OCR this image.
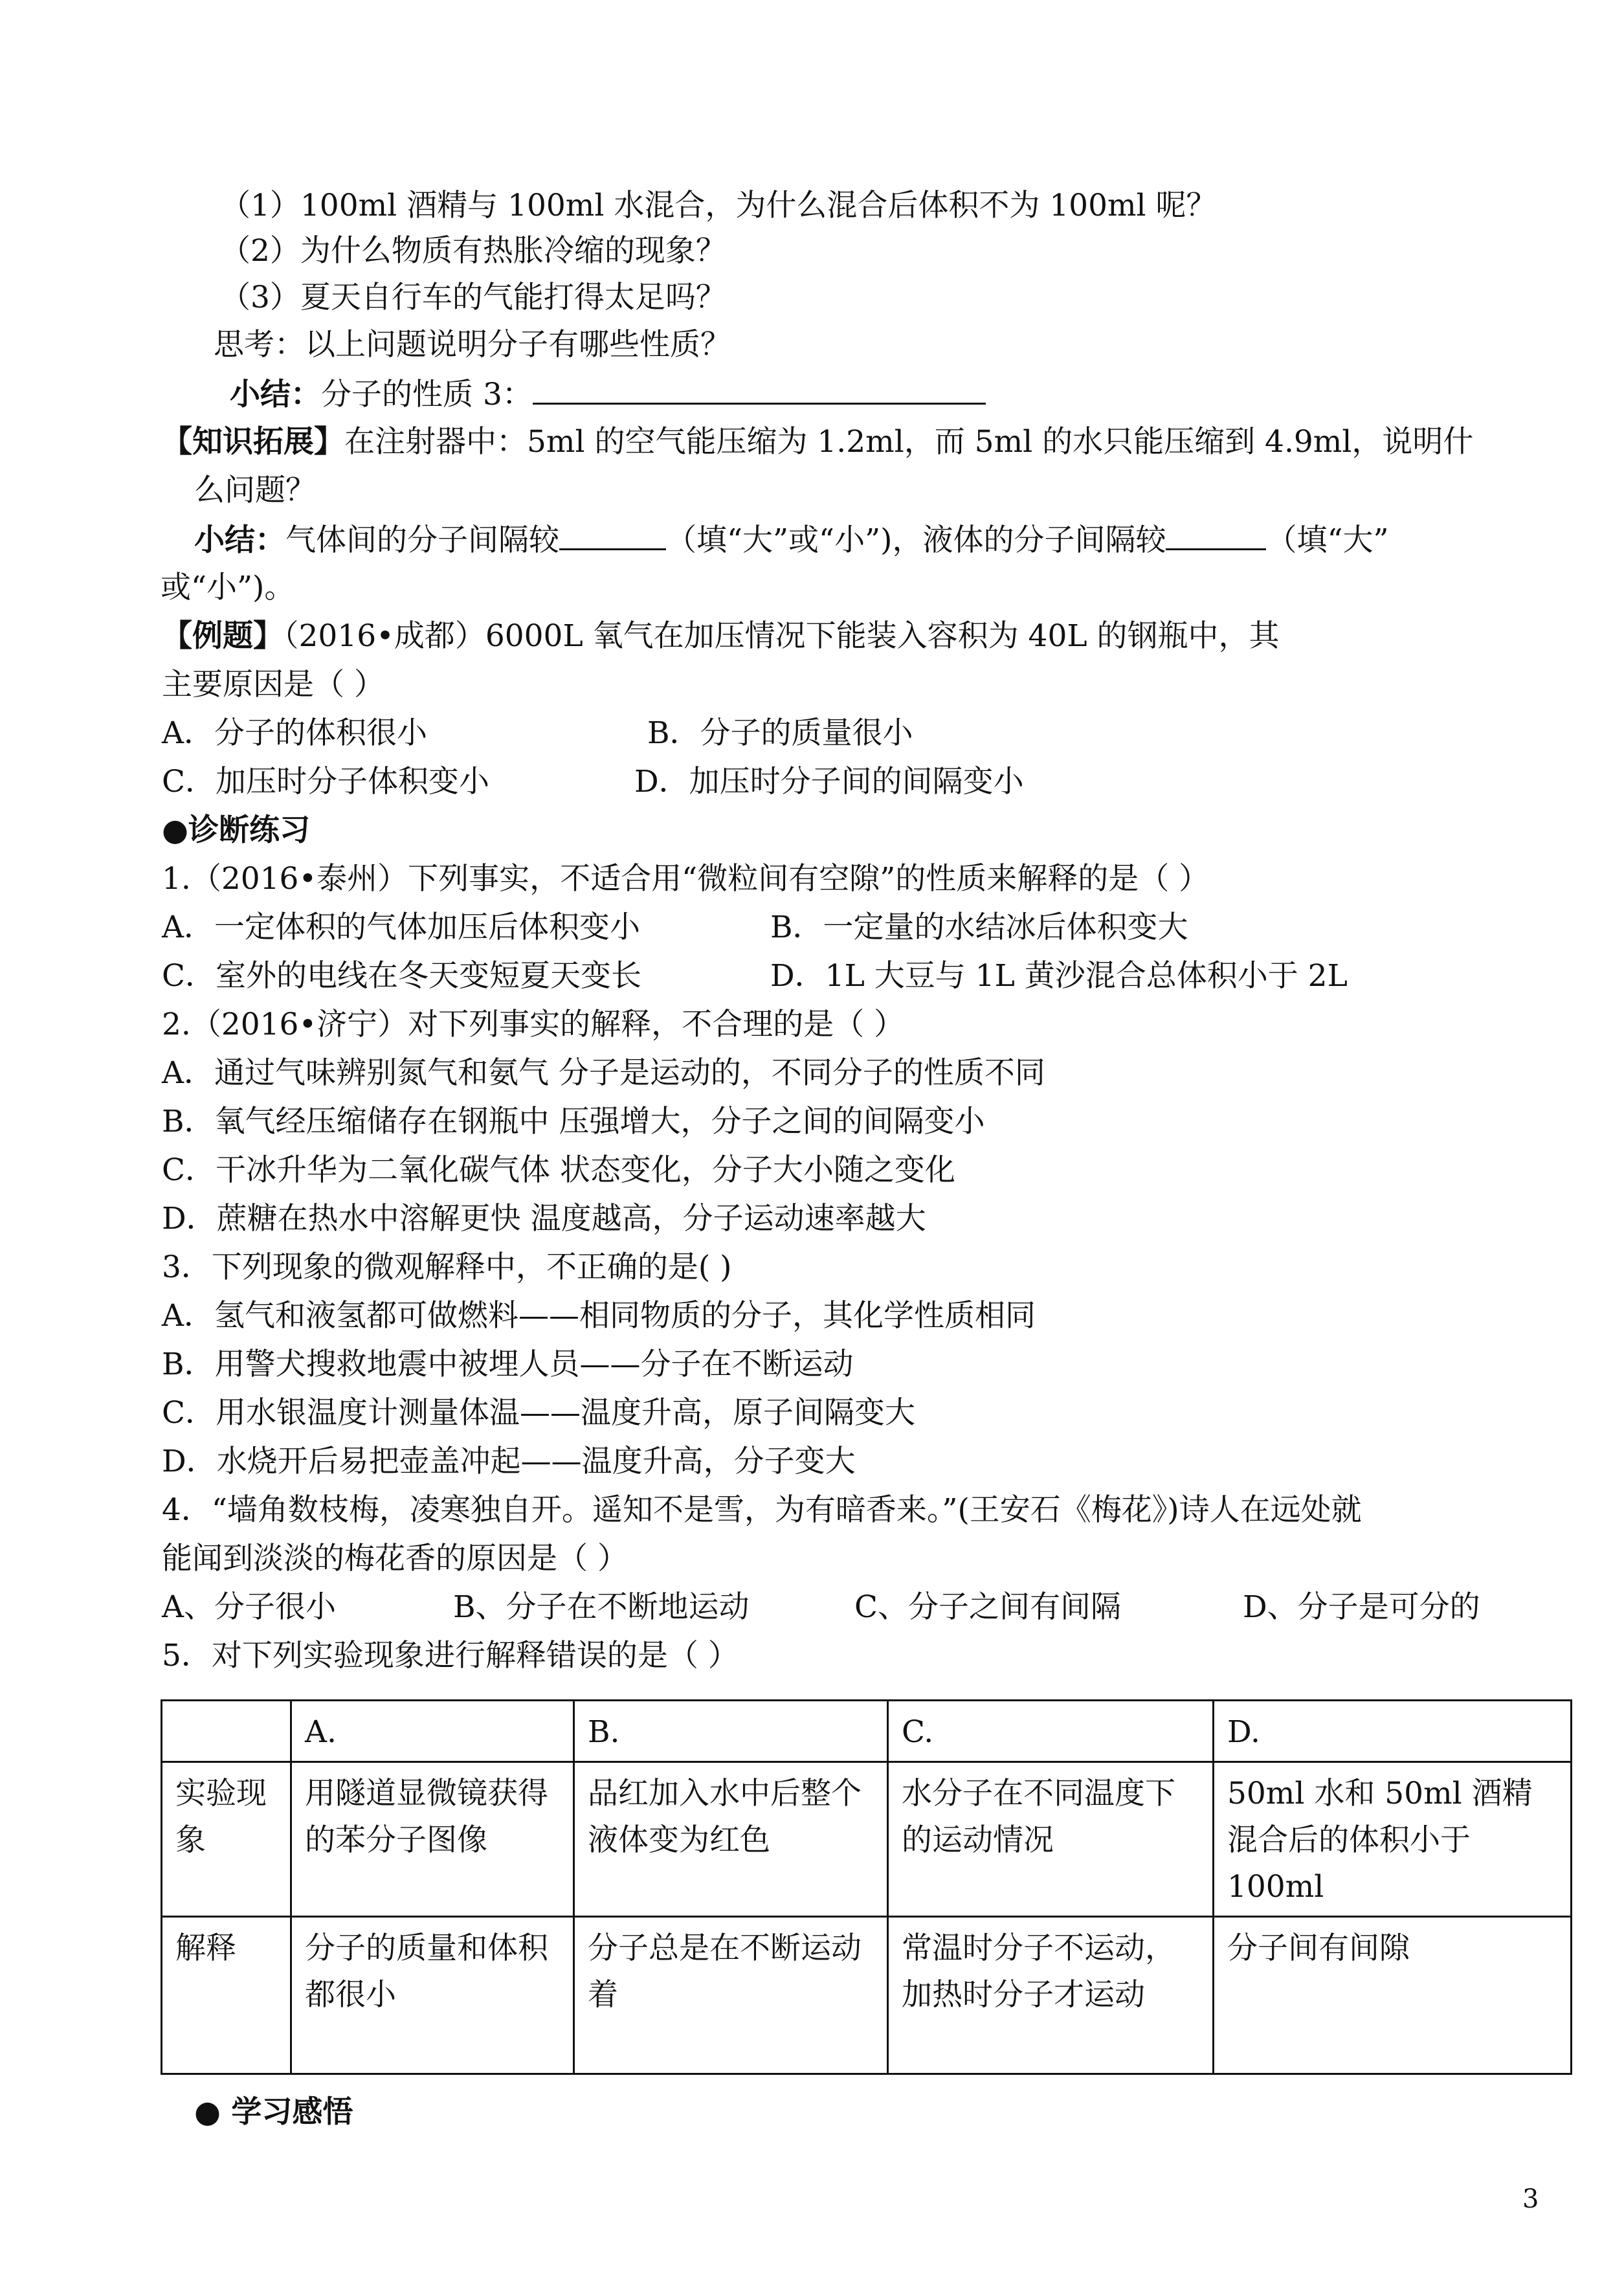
（1）100ml 酒精与 100ml 水混合，为什么混合后体积不为 100ml 呢？
（2）为什么物质有热胀冷缩的现象？
（3）夏天自行车的气能打得太足吗？
思考：以上问题说明分子有哪些性质？
小结：分子的性质 3：
【知识拓展】在注射器中：5ml 的空气能压缩为 1.2ml，而 5ml 的水只能压缩到 4.9ml，说明什
么问题？
小结：气体间的分子间隔较	（填“大”或“小”)，液体的分子间隔较	（填“大”
或“小”)。
【例题】（2016•成都）6000L 氧气在加压情况下能装入容积为 40L 的钢瓶中，其
主要原因是（ ）
A．分子的体积很小	B．分子的质量很小
C．加压时分子体积变小	D．加压时分子间的间隔变小
●诊断练习
1.（2016•泰州）下列事实，不适合用“微粒间有空隙”的性质来解释的是（ ）
A．一定体积的气体加压后体积变小	B．一定量的水结冰后体积变大
C．室外的电线在冬天变短夏天变长	D．1L 大豆与 1L 黄沙混合总体积小于 2L
2.（2016•济宁）对下列事实的解释，不合理的是（ ）
A．通过气味辨别氮气和氨气 分子是运动的，不同分子的性质不同
B．氧气经压缩储存在钢瓶中 压强增大，分子之间的间隔变小
C．干冰升华为二氧化碳气体 状态变化，分子大小随之变化
D．蔗糖在热水中溶解更快 温度越高，分子运动速率越大
3．下列现象的微观解释中，不正确的是( )
A．氢气和液氢都可做燃料——相同物质的分子，其化学性质相同
B．用警犬搜救地震中被埋人员——分子在不断运动
C．用水银温度计测量体温——温度升高，原子间隔变大
D．水烧开后易把壶盖冲起——温度升高，分子变大
4．“墙角数枝梅，凌寒独自开。遥知不是雪，为有暗香来。”(王安石《梅花》)诗人在远处就
能闻到淡淡的梅花香的原因是（ ）
A、分子很小	B、分子在不断地运动	C、分子之间有间隔	D、分子是可分的
5．对下列实验现象进行解释错误的是（ ）
	A.	B.	C.	D.
实验现象	用隧道显微镜获得的苯分子图像	品红加入水中后整个液体变为红色	水分子在不同温度下的运动情况	50ml 水和 50ml 酒精混合后的体积小于 100ml
解释	分子的质量和体积都很小	分子总是在不断运动着	常温时分子不运动，加热时分子才运动	分子间有间隙
● 学习感悟
3
